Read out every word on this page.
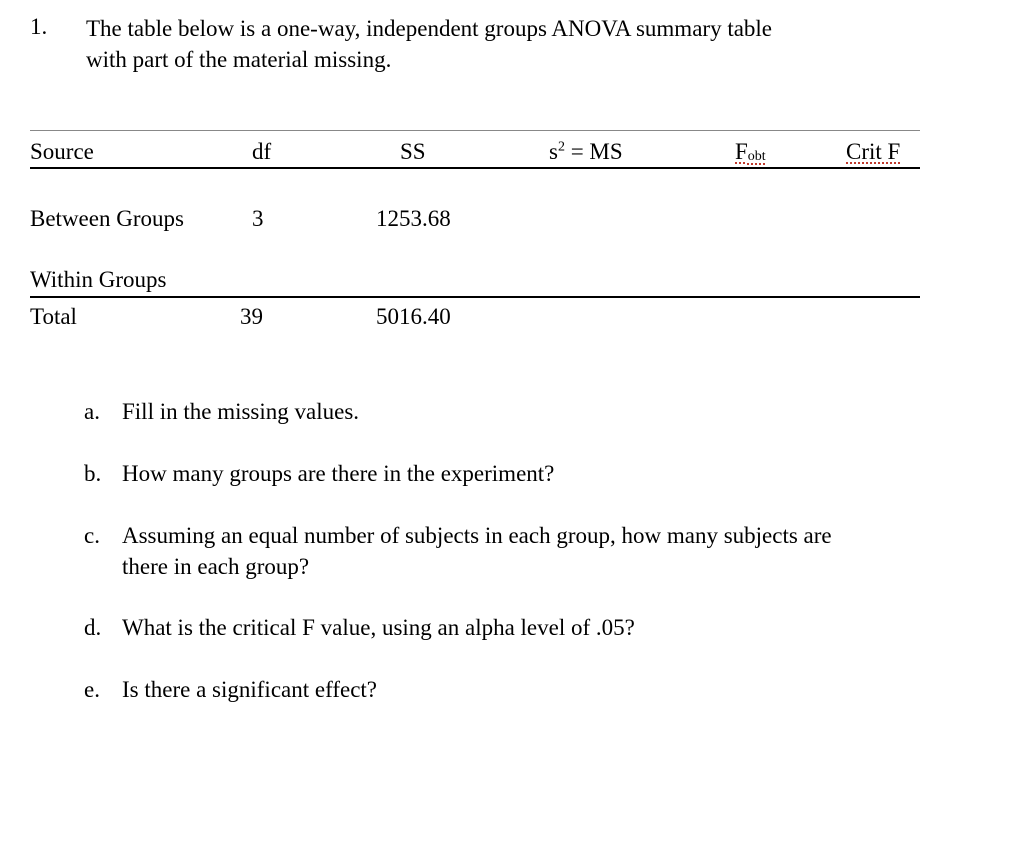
1. The table below is a one-way, independent groups ANOVA summary table
with part of the material missing.
Source	df	SS	$s^2$ = MS	Fobt	Crit F
Between Groups	3	1253.68
Within Groups
Total	39	5016.40
a. Fill in the missing values.
b. How many groups are there in the experiment?
c. Assuming an equal number of subjects in each group, how many subjects are
there in each group?
d. What is the critical F value, using an alpha level of .05?
e. Is there a significant effect?
